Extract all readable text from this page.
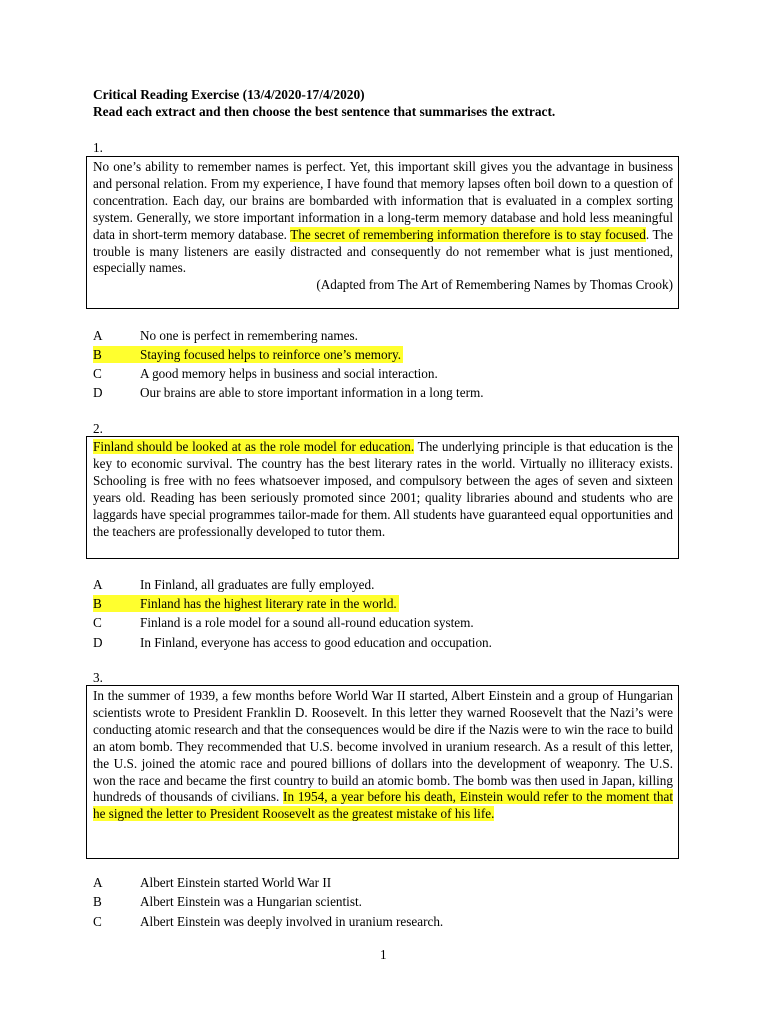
Critical Reading Exercise (13/4/2020-17/4/2020)
Read each extract and then choose the best sentence that summarises the extract.
1.

No one’s ability to remember names is perfect. Yet, this important skill gives you the advantage in business and personal relation. From my experience, I have found that memory lapses often boil down to a question of concentration. Each day, our brains are bombarded with information that is evaluated in a complex sorting system. Generally, we store important information in a long-term memory database and hold less meaningful data in short-term memory database. The secret of remembering information therefore is to stay focused. The trouble is many listeners are easily distracted and consequently do not remember what is just mentioned, especially names.

(Adapted from The Art of Remembering Names by Thomas Crook)

A	No one is perfect in remembering names.
B	Staying focused helps to reinforce one’s memory.
C	A good memory helps in business and social interaction.
D	Our brains are able to store important information in a long term.
2.

Finland should be looked at as the role model for education. The underlying principle is that education is the key to economic survival. The country has the best literary rates in the world. Virtually no illiteracy exists. Schooling is free with no fees whatsoever imposed, and compulsory between the ages of seven and sixteen years old. Reading has been seriously promoted since 2001; quality libraries abound and students who are laggards have special programmes tailor-made for them. All students have guaranteed equal opportunities and the teachers are professionally developed to tutor them.

A	In Finland, all graduates are fully employed.
B	Finland has the highest literary rate in the world.
C	Finland is a role model for a sound all-round education system.
D	In Finland, everyone has access to good education and occupation.
3.

In the summer of 1939, a few months before World War II started, Albert Einstein and a group of Hungarian scientists wrote to President Franklin D. Roosevelt. In this letter they warned Roosevelt that the Nazi’s were conducting atomic research and that the consequences would be dire if the Nazis were to win the race to build an atom bomb. They recommended that U.S. become involved in uranium research. As a result of this letter, the U.S. joined the atomic race and poured billions of dollars into the development of weaponry. The U.S. won the race and became the first country to build an atomic bomb. The bomb was then used in Japan, killing hundreds of thousands of civilians. In 1954, a year before his death, Einstein would refer to the moment that he signed the letter to President Roosevelt as the greatest mistake of his life.

A	Albert Einstein started World War II
B	Albert Einstein was a Hungarian scientist.
C	Albert Einstein was deeply involved in uranium research.
1
